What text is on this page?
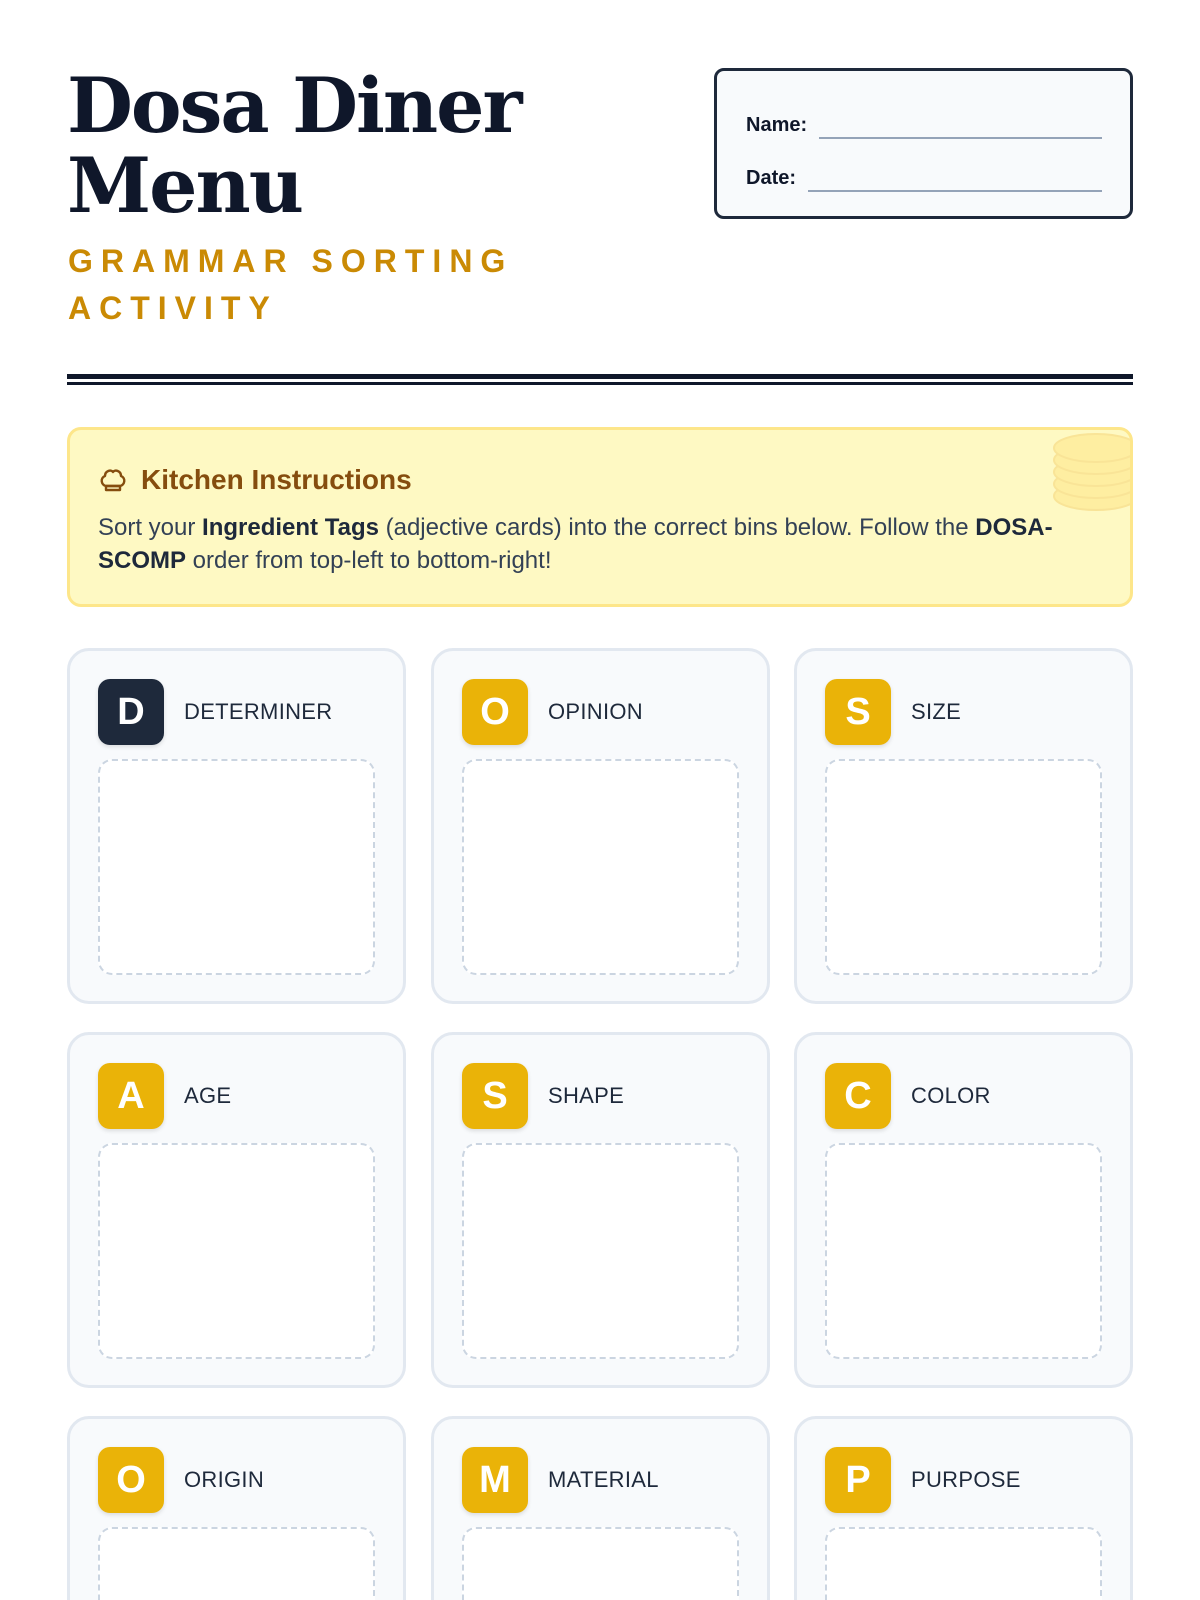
Dosa Diner
Menu
GRAMMAR SORTING
ACTIVITY
Name:
Date:
Kitchen Instructions

Sort your Ingredient Tags (adjective cards) into the correct bins below. Follow the DOSA-SCOMP order from top-left to bottom-right!

D	DETERMINER	O	OPINION	S	SIZE
A	AGE	S	SHAPE	C	COLOR
O	ORIGIN	M	MATERIAL	P	PURPOSE
